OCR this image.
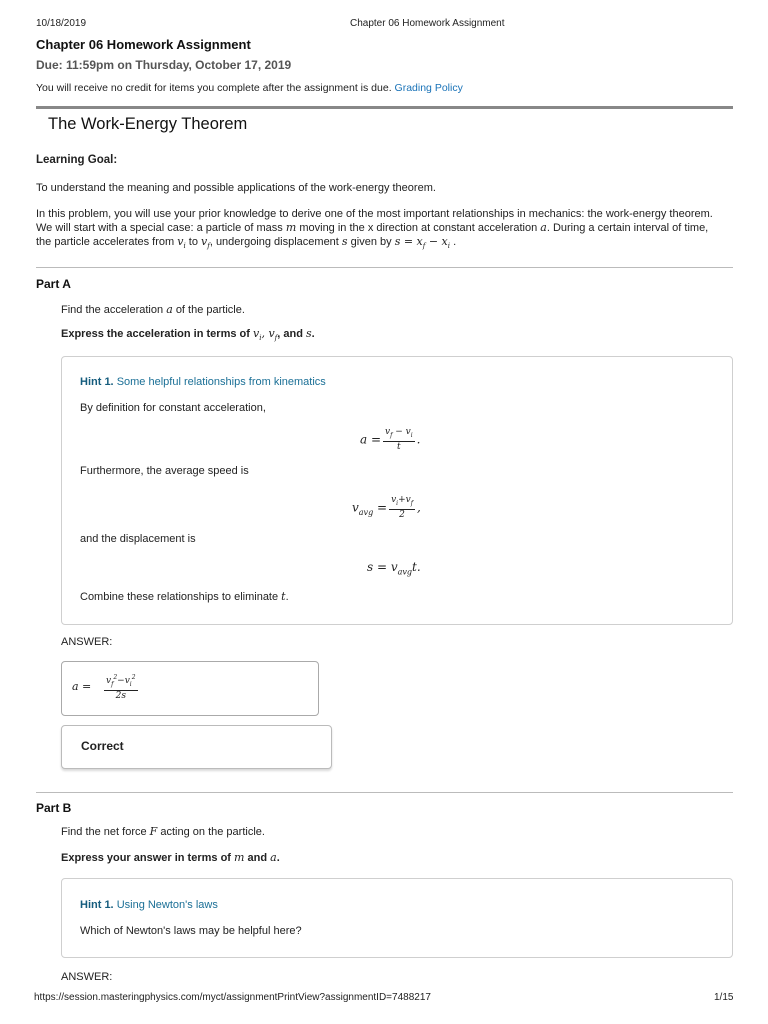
10/18/2019	Chapter 06 Homework Assignment
Chapter 06 Homework Assignment
Due: 11:59pm on Thursday, October 17, 2019
You will receive no credit for items you complete after the assignment is due. Grading Policy
The Work-Energy Theorem
Learning Goal:
To understand the meaning and possible applications of the work-energy theorem.
In this problem, you will use your prior knowledge to derive one of the most important relationships in mechanics: the work-energy theorem. We will start with a special case: a particle of mass m moving in the x direction at constant acceleration a. During a certain interval of time, the particle accelerates from $v_i$ to $v_f$, undergoing displacement s given by $s = x_f - x_i$ .
Part A
Find the acceleration a of the particle.
Express the acceleration in terms of $v_i$, $v_f$, and s.
Hint 1. Some helpful relationships from kinematics
By definition for constant acceleration,
$a = \frac{v_f - v_i}{t}$ .
Furthermore, the average speed is
$v_{avg} = \frac{v_i+v_f}{2}$ ,
and the displacement is
$s = v_{avg}t$.
Combine these relationships to eliminate t.
ANSWER:
$a = \frac{v_f^2-v_i^2}{2s}$
Correct
Part B
Find the net force F acting on the particle.
Express your answer in terms of m and a.
Hint 1. Using Newton's laws
Which of Newton's laws may be helpful here?
ANSWER:
https://session.masteringphysics.com/myct/assignmentPrintView?assignmentID=7488217	1/15
